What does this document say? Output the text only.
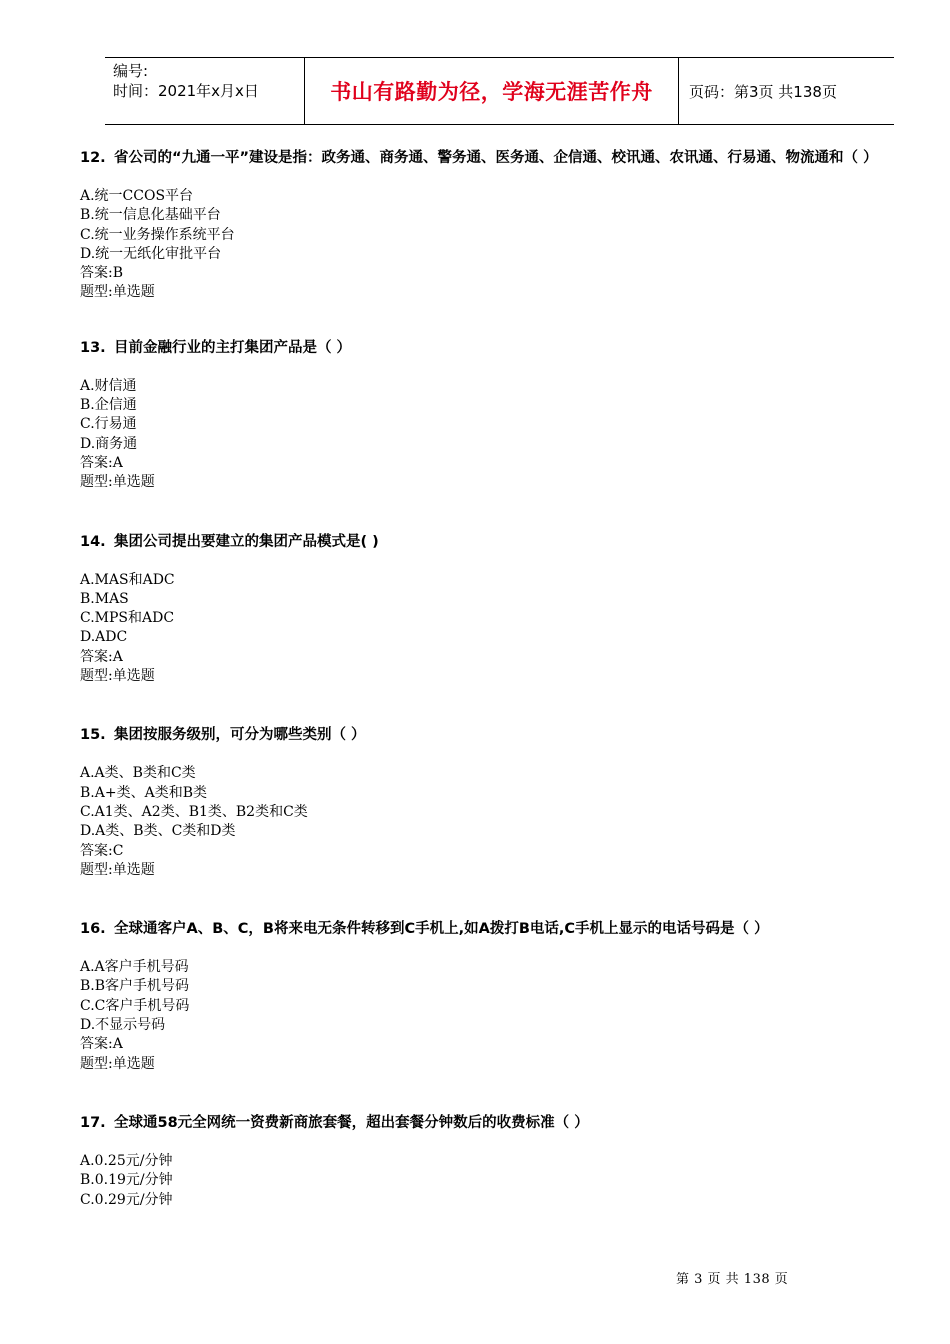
编号:
时间：2021年x月x日	书山有路勤为径，学海无涯苦作舟	页码：第3页 共138页
12. 省公司的“九通一平”建设是指：政务通、商务通、警务通、医务通、企信通、校讯通、农讯通、行易通、物流通和（ ）
A.统一CCOS平台
B.统一信息化基础平台
C.统一业务操作系统平台
D.统一无纸化审批平台
答案:B
题型:单选题
13. 目前金融行业的主打集团产品是（ ）
A.财信通
B.企信通
C.行易通
D.商务通
答案:A
题型:单选题
14. 集团公司提出要建立的集团产品模式是( )
A.MAS和ADC
B.MAS
C.MPS和ADC
D.ADC
答案:A
题型:单选题
15. 集团按服务级别，可分为哪些类别（ ）
A.A类、B类和C类
B.A+类、A类和B类
C.A1类、A2类、B1类、B2类和C类
D.A类、B类、C类和D类
答案:C
题型:单选题
16. 全球通客户A、B、C，B将来电无条件转移到C手机上,如A拨打B电话,C手机上显示的电话号码是（ ）
A.A客户手机号码
B.B客户手机号码
C.C客户手机号码
D.不显示号码
答案:A
题型:单选题
17. 全球通58元全网统一资费新商旅套餐，超出套餐分钟数后的收费标准（ ）
A.0.25元/分钟
B.0.19元/分钟
C.0.29元/分钟
第 3 页 共 138 页
